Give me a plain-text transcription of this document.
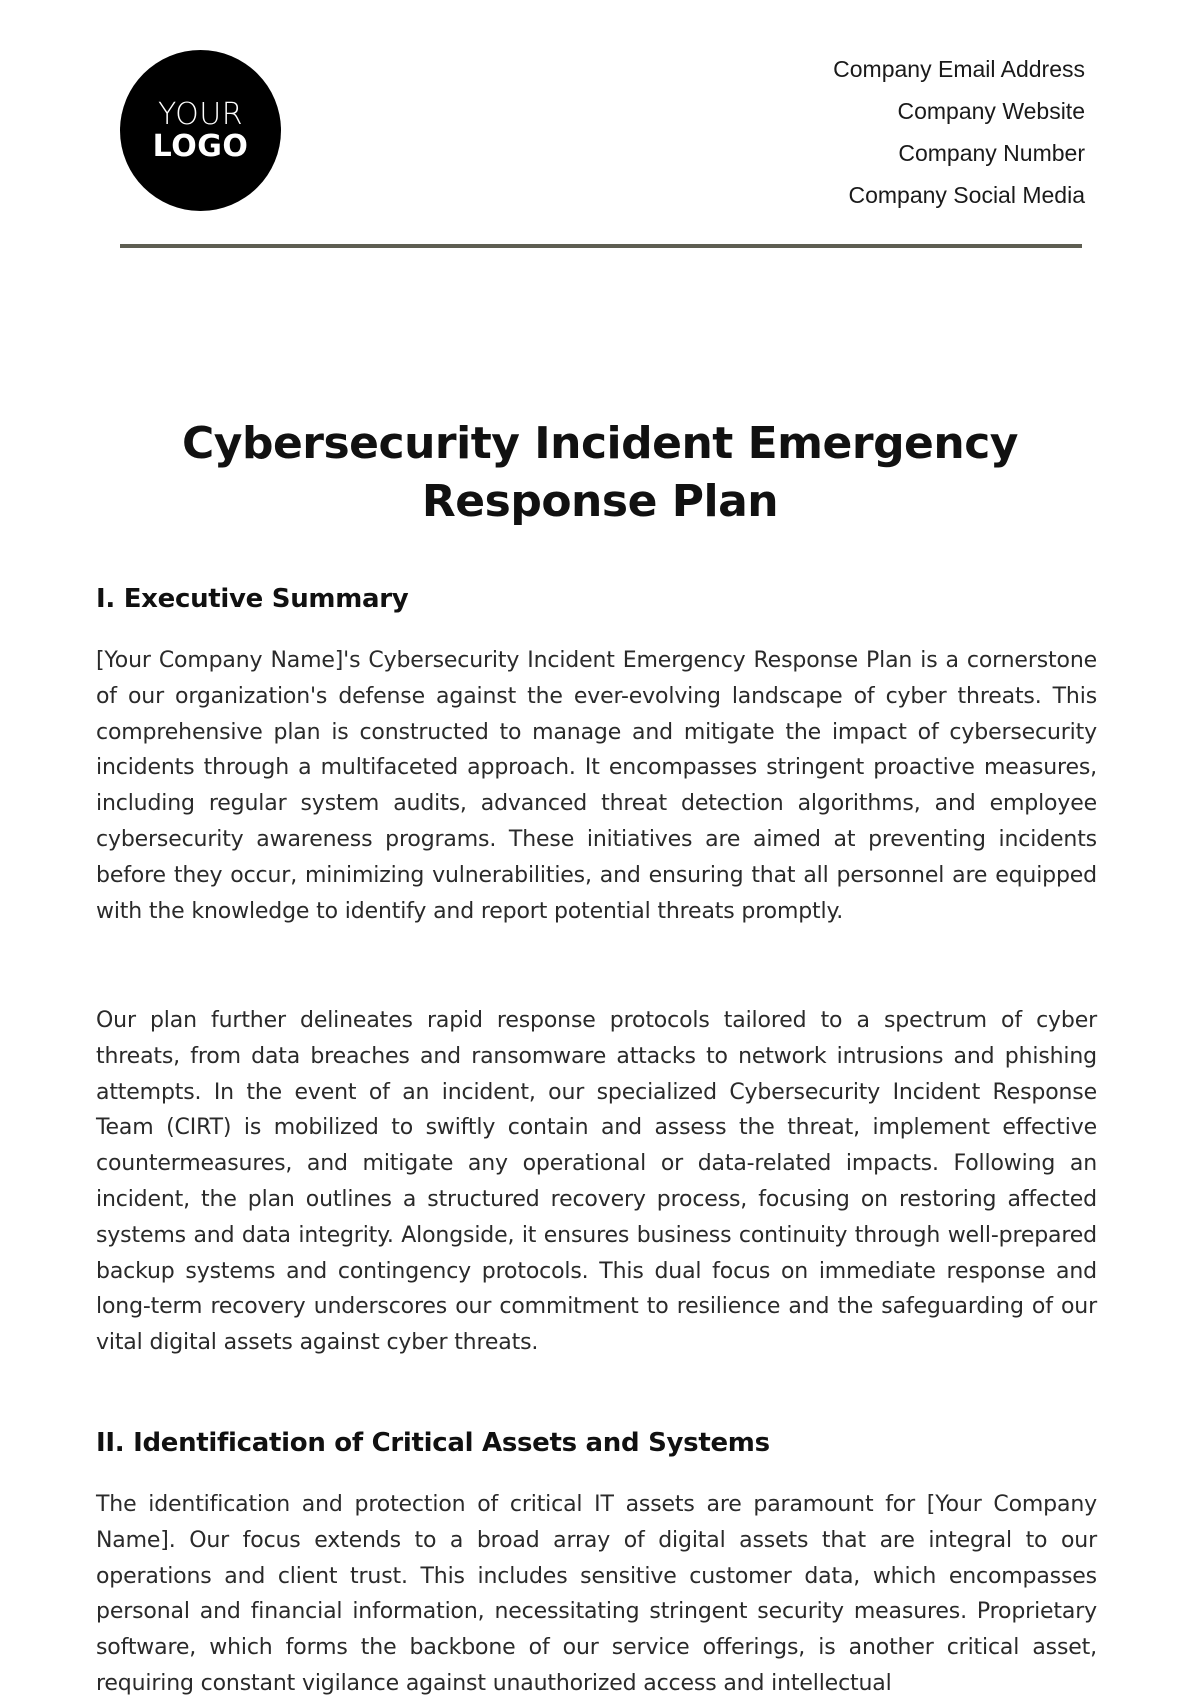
YOUR
LOGO
Company Email Address
Company Website
Company Number
Company Social Media
Cybersecurity Incident Emergency Response Plan
I. Executive Summary

[Your Company Name]'s Cybersecurity Incident Emergency Response Plan is a cornerstone of our organization's defense against the ever-evolving landscape of cyber threats. This comprehensive plan is constructed to manage and mitigate the impact of cybersecurity incidents through a multifaceted approach. It encompasses stringent proactive measures, including regular system audits, advanced threat detection algorithms, and employee cybersecurity awareness programs. These initiatives are aimed at preventing incidents before they occur, minimizing vulnerabilities, and ensuring that all personnel are equipped with the knowledge to identify and report potential threats promptly.

Our plan further delineates rapid response protocols tailored to a spectrum of cyber threats, from data breaches and ransomware attacks to network intrusions and phishing attempts. In the event of an incident, our specialized Cybersecurity Incident Response Team (CIRT) is mobilized to swiftly contain and assess the threat, implement effective countermeasures, and mitigate any operational or data-related impacts. Following an incident, the plan outlines a structured recovery process, focusing on restoring affected systems and data integrity. Alongside, it ensures business continuity through well-prepared backup systems and contingency protocols. This dual focus on immediate response and long-term recovery underscores our commitment to resilience and the safeguarding of our vital digital assets against cyber threats.

II. Identification of Critical Assets and Systems

The identification and protection of critical IT assets are paramount for [Your Company Name]. Our focus extends to a broad array of digital assets that are integral to our operations and client trust. This includes sensitive customer data, which encompasses personal and financial information, necessitating stringent security measures. Proprietary software, which forms the backbone of our service offerings, is another critical asset, requiring constant vigilance against unauthorized access and intellectual
